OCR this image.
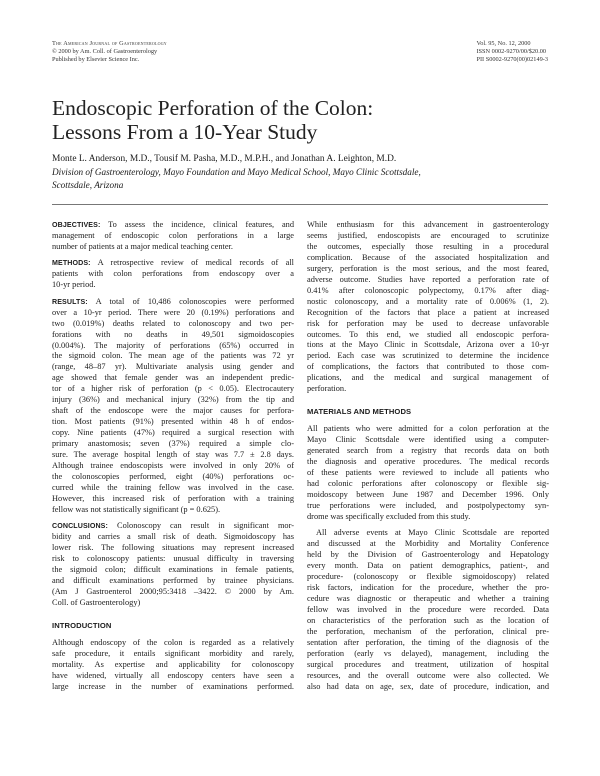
The American Journal of Gastroenterology
© 2000 by Am. Coll. of Gastroenterology
Published by Elsevier Science Inc.
Vol. 95, No. 12, 2000
ISSN 0002-9270/00/$20.00
PII S0002-9270(00)02149-3
Endoscopic Perforation of the Colon:
Lessons From a 10-Year Study
Monte L. Anderson, M.D., Tousif M. Pasha, M.D., M.P.H., and Jonathan A. Leighton, M.D.
Division of Gastroenterology, Mayo Foundation and Mayo Medical School, Mayo Clinic Scottsdale,
Scottsdale, Arizona
OBJECTIVES: To assess the incidence, clinical features, and
management of endoscopic colon perforations in a large
number of patients at a major medical teaching center.
METHODS: A retrospective review of medical records of all
patients with colon perforations from endoscopy over a
10-yr period.
RESULTS: A total of 10,486 colonoscopies were performed
over a 10-yr period. There were 20 (0.19%) perforations and
two (0.019%) deaths related to colonoscopy and two per-
forations with no deaths in 49,501 sigmoidoscopies
(0.004%). The majority of perforations (65%) occurred in
the sigmoid colon. The mean age of the patients was 72 yr
(range, 48–87 yr). Multivariate analysis using gender and
age showed that female gender was an independent predic-
tor of a higher risk of perforation (p < 0.05). Electrocautery
injury (36%) and mechanical injury (32%) from the tip and
shaft of the endoscope were the major causes for perfora-
tion. Most patients (91%) presented within 48 h of endos-
copy. Nine patients (47%) required a surgical resection with
primary anastomosis; seven (37%) required a simple clo-
sure. The average hospital length of stay was 7.7 ± 2.8 days.
Although trainee endoscopists were involved in only 20% of
the colonoscopies performed, eight (40%) perforations oc-
curred while the training fellow was involved in the case.
However, this increased risk of perforation with a training
fellow was not statistically significant (p = 0.625).
CONCLUSIONS: Colonoscopy can result in significant mor-
bidity and carries a small risk of death. Sigmoidoscopy has
lower risk. The following situations may represent increased
risk to colonoscopy patients: unusual difficulty in traversing
the sigmoid colon; difficult examinations in female patients,
and difficult examinations performed by trainee physicians.
(Am J Gastroenterol 2000;95:3418 –3422. © 2000 by Am.
Coll. of Gastroenterology)
INTRODUCTION
Although endoscopy of the colon is regarded as a relatively
safe procedure, it entails significant morbidity and rarely,
mortality. As expertise and applicability for colonoscopy
have widened, virtually all endoscopy centers have seen a
large increase in the number of examinations performed.
While enthusiasm for this advancement in gastroenterology
seems justified, endoscopists are encouraged to scrutinize
the outcomes, especially those resulting in a procedural
complication. Because of the associated hospitalization and
surgery, perforation is the most serious, and the most feared,
adverse outcome. Studies have reported a perforation rate of
0.41% after colonoscopic polypectomy, 0.17% after diag-
nostic colonoscopy, and a mortality rate of 0.006% (1, 2).
Recognition of the factors that place a patient at increased
risk for perforation may be used to decrease unfavorable
outcomes. To this end, we studied all endoscopic perfora-
tions at the Mayo Clinic in Scottsdale, Arizona over a 10-yr
period. Each case was scrutinized to determine the incidence
of complications, the factors that contributed to those com-
plications, and the medical and surgical management of
perforation.
MATERIALS AND METHODS
All patients who were admitted for a colon perforation at the
Mayo Clinic Scottsdale were identified using a computer-
generated search from a registry that records data on both
the diagnosis and operative procedures. The medical records
of these patients were reviewed to include all patients who
had colonic perforations after colonoscopy or flexible sig-
moidoscopy between June 1987 and December 1996. Only
true perforations were included, and postpolypectomy syn-
drome was specifically excluded from this study.
All adverse events at Mayo Clinic Scottsdale are reported
and discussed at the Morbidity and Mortality Conference
held by the Division of Gastroenterology and Hepatology
every month. Data on patient demographics, patient-, and
procedure- (colonoscopy or flexible sigmoidoscopy) related
risk factors, indication for the procedure, whether the pro-
cedure was diagnostic or therapeutic and whether a training
fellow was involved in the procedure were recorded. Data
on characteristics of the perforation such as the location of
the perforation, mechanism of the perforation, clinical pre-
sentation after perforation, the timing of the diagnosis of the
perforation (early vs delayed), management, including the
surgical procedures and treatment, utilization of hospital
resources, and the overall outcome were also collected. We
also had data on age, sex, date of procedure, indication, and
